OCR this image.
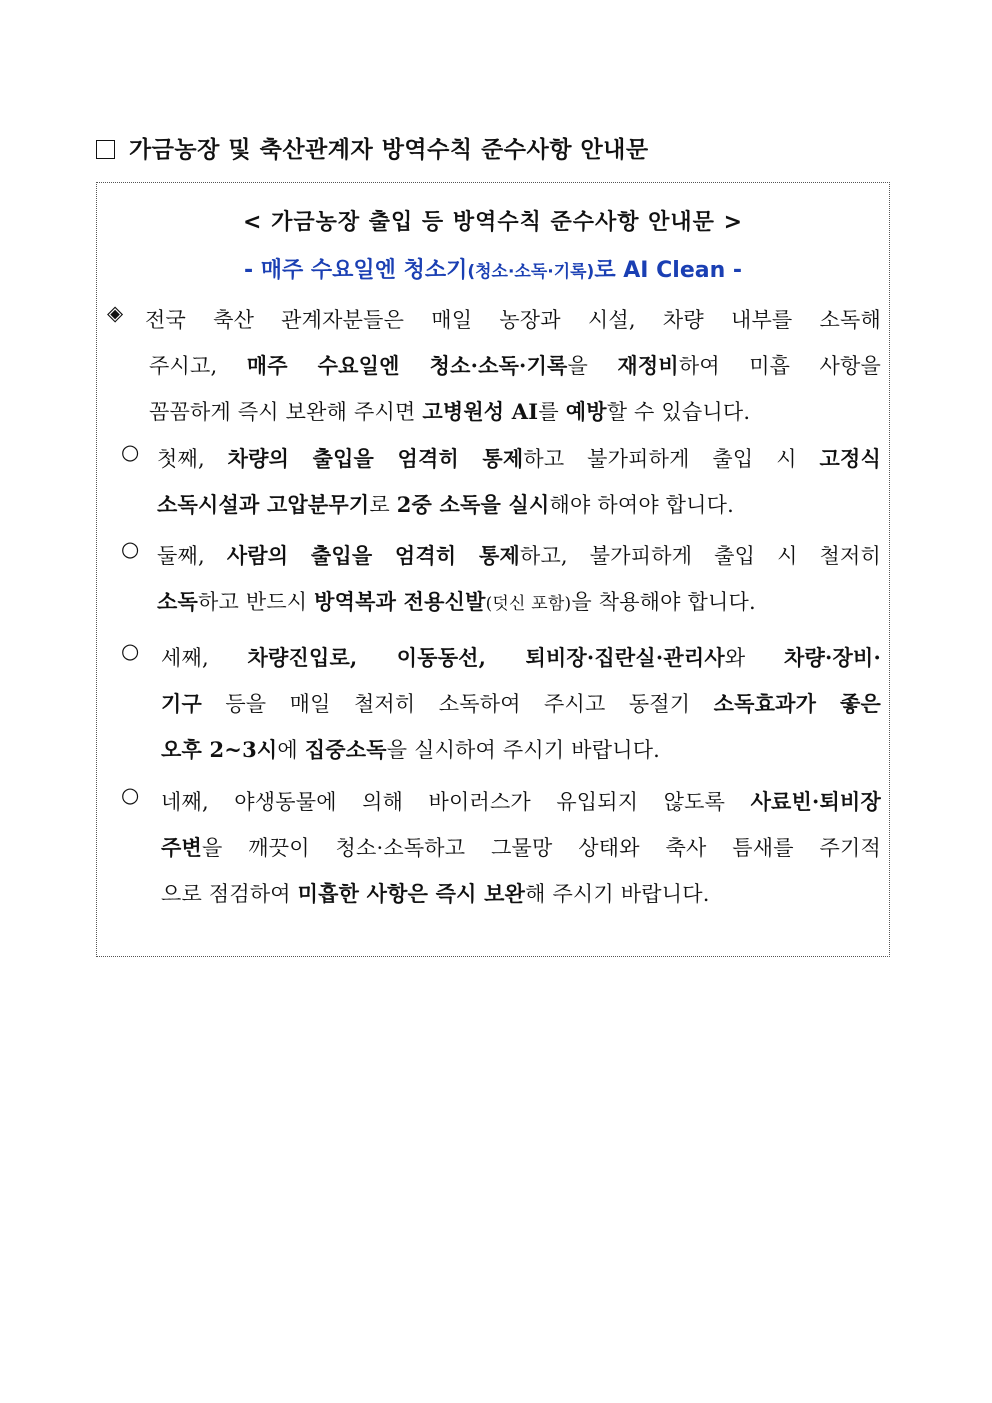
가금농장 및 축산관계자 방역수칙 준수사항 안내문
< 가금농장 출입 등 방역수칙 준수사항 안내문 >
- 매주 수요일엔 청소기(청소·소독·기록)로 AI Clean -
◈ 전국 축산 관계자분들은 매일 농장과 시설, 차량 내부를 소독해
주시고, 매주 수요일엔 청소·소독·기록을 재정비하여 미흡 사항을
꼼꼼하게 즉시 보완해 주시면 고병원성 AI를 예방할 수 있습니다.
○ 첫째, 차량의 출입을 엄격히 통제하고 불가피하게 출입 시 고정식
소독시설과 고압분무기로 2중 소독을 실시해야 하여야 합니다.
○ 둘째, 사람의 출입을 엄격히 통제하고, 불가피하게 출입 시 철저히
소독하고 반드시 방역복과 전용신발(덧신 포함)을 착용해야 합니다.
○ 세째, 차량진입로, 이동동선, 퇴비장·집란실·관리사와 차량·장비·
기구 등을 매일 철저히 소독하여 주시고 동절기 소독효과가 좋은
오후 2~3시에 집중소독을 실시하여 주시기 바랍니다.
○ 네째, 야생동물에 의해 바이러스가 유입되지 않도록 사료빈·퇴비장
주변을 깨끗이 청소·소독하고 그물망 상태와 축사 틈새를 주기적
으로 점검하여 미흡한 사항은 즉시 보완해 주시기 바랍니다.
